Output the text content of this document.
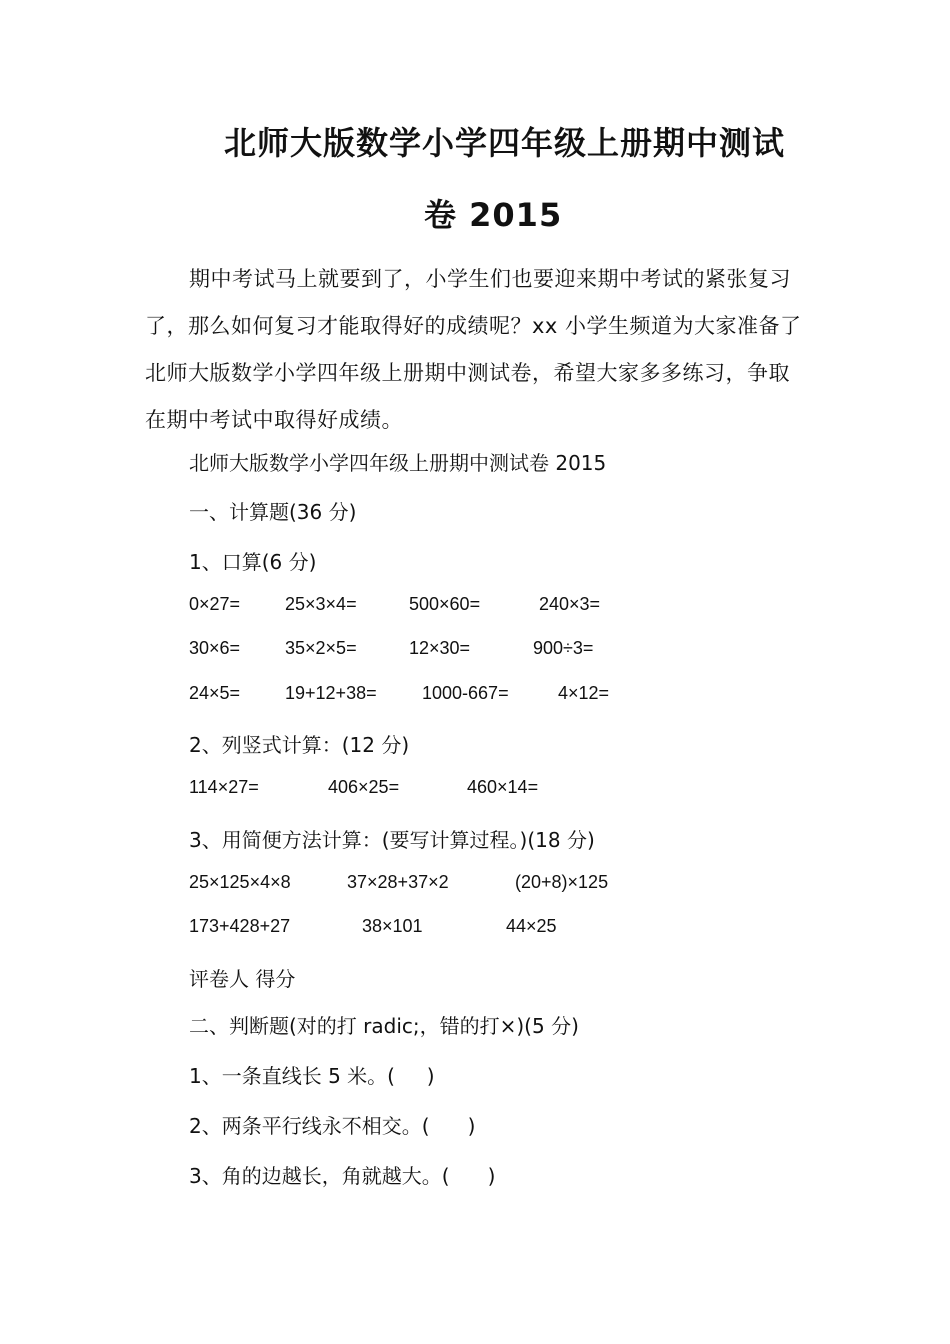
北师大版数学小学四年级上册期中测试
卷 2015

期中考试马上就要到了，小学生们也要迎来期中考试的紧张复习了，那么如何复习才能取得好的成绩呢？xx 小学生频道为大家准备了北师大版数学小学四年级上册期中测试卷，希望大家多多练习，争取在期中考试中取得好成绩。

北师大版数学小学四年级上册期中测试卷 2015
一、计算题(36 分)
1、口算(6 分)
0×27= 25×3×4=	500×60=	240×3=
30×6= 35×2×5=	12×30=	900÷3=
24×5= 19+12+38=	1000-667=	4×12=
2、列竖式计算：(12 分)
114×27=	406×25=	460×14=
3、用简便方法计算：(要写计算过程。)(18 分)
25×125×4×8	37×28+37×2	(20+8)×125
173+428+27	38×101	44×25
评卷人 得分
二、判断题(对的打 radic;，错的打×)(5 分)
1、一条直线长 5 米。(     )
2、两条平行线永不相交。(      )
3、角的边越长，角就越大。(      )
